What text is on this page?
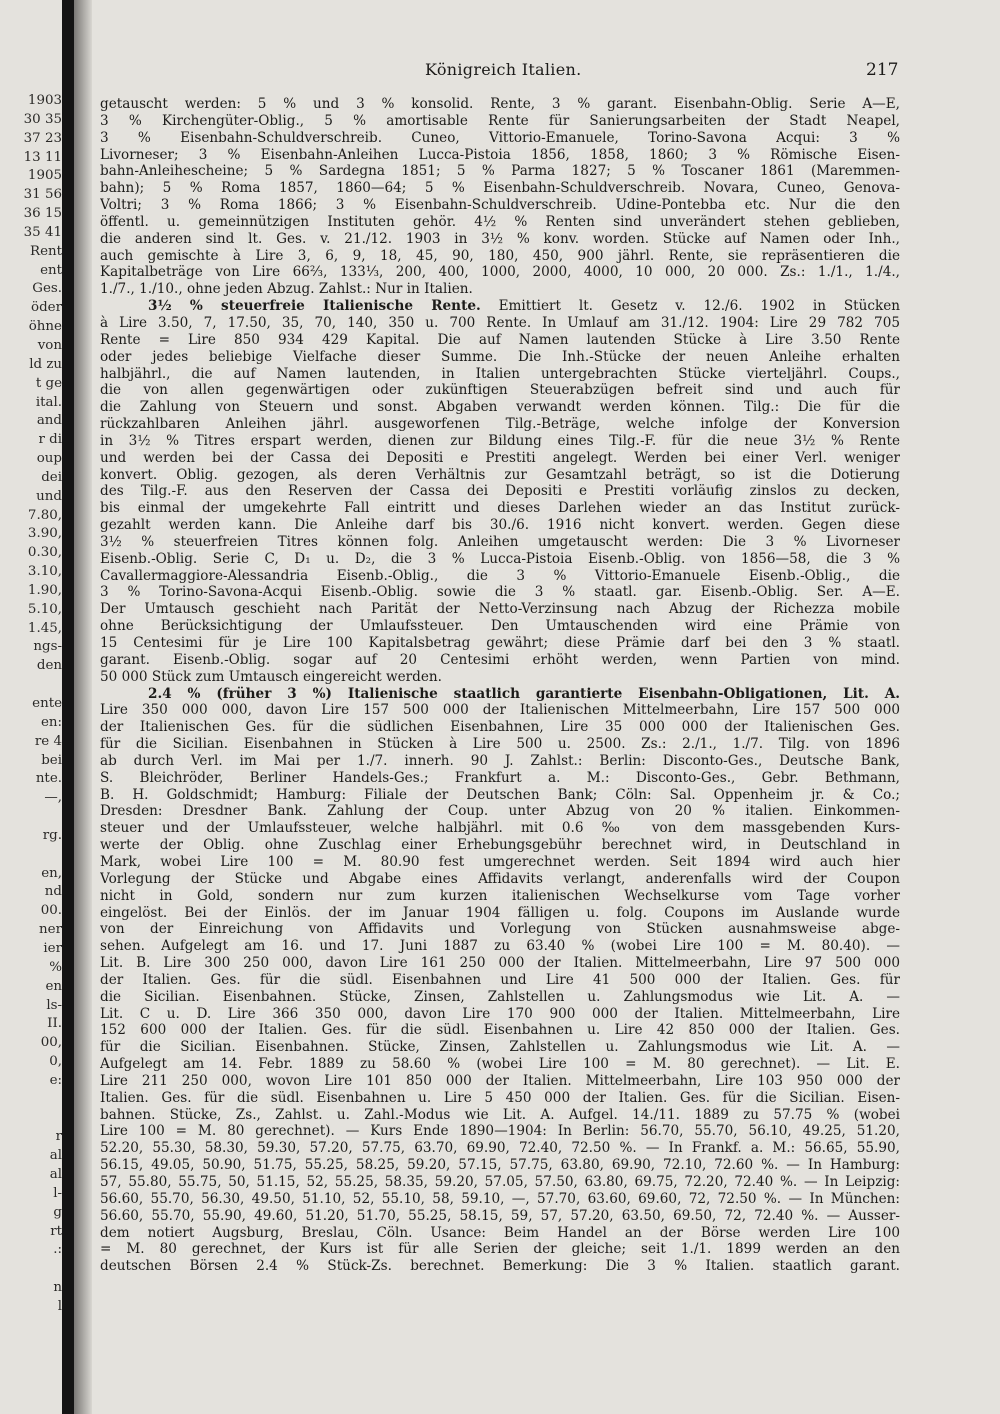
1903
30 35
37 23
13 11
1905
31 56
36 15
35 41
Rent
ent
Ges.
öder
öhne
von
ld zu
t ge
ital.
and
r di
oup
dei
und
7.80,
3.90,
0.30,
3.10,
1.90,
5.10,
1.45,
ngs-
den
ente
en:
re 4
bei
nte.
—,
rg.
en,
nd
00.
ner
ier
%
en
ls-
II.
00,
0,
e:
r
al
al
l-
g
rt
.:
n
l
Königreich Italien.	217
getauscht werden: 5 % und 3 % konsolid. Rente, 3 % garant. Eisenbahn-Oblig. Serie A—E,
3 % Kirchengüter-Oblig., 5 % amortisable Rente für Sanierungsarbeiten der Stadt Neapel,
3 % Eisenbahn-Schuldverschreib. Cuneo, Vittorio-Emanuele, Torino-Savona Acqui: 3 %
Livorneser; 3 % Eisenbahn-Anleihen Lucca-Pistoia 1856, 1858, 1860; 3 % Römische Eisen-
bahn-Anleihescheine; 5 % Sardegna 1851; 5 % Parma 1827; 5 % Toscaner 1861 (Maremmen-
bahn); 5 % Roma 1857, 1860—64; 5 % Eisenbahn-Schuldverschreib. Novara, Cuneo, Genova-
Voltri; 3 % Roma 1866; 3 % Eisenbahn-Schuldverschreib. Udine-Pontebba etc. Nur die den
öffentl. u. gemeinnützigen Instituten gehör. 4½ % Renten sind unverändert stehen geblieben,
die anderen sind lt. Ges. v. 21./12. 1903 in 3½ % konv. worden. Stücke auf Namen oder Inh.,
auch gemischte à Lire 3, 6, 9, 18, 45, 90, 180, 450, 900 jährl. Rente, sie repräsentieren die
Kapitalbeträge von Lire 66⅔, 133⅓, 200, 400, 1000, 2000, 4000, 10 000, 20 000. Zs.: 1./1., 1./4.,
1./7., 1./10., ohne jeden Abzug. Zahlst.: Nur in Italien.
3½ % steuerfreie Italienische Rente. Emittiert lt. Gesetz v. 12./6. 1902 in Stücken
à Lire 3.50, 7, 17.50, 35, 70, 140, 350 u. 700 Rente. In Umlauf am 31./12. 1904: Lire 29 782 705
Rente = Lire 850 934 429 Kapital. Die auf Namen lautenden Stücke à Lire 3.50 Rente
oder jedes beliebige Vielfache dieser Summe. Die Inh.-Stücke der neuen Anleihe erhalten
halbjährl., die auf Namen lautenden, in Italien untergebrachten Stücke vierteljährl. Coups.,
die von allen gegenwärtigen oder zukünftigen Steuerabzügen befreit sind und auch für
die Zahlung von Steuern und sonst. Abgaben verwandt werden können. Tilg.: Die für die
rückzahlbaren Anleihen jährl. ausgeworfenen Tilg.-Beträge, welche infolge der Konversion
in 3½ % Titres erspart werden, dienen zur Bildung eines Tilg.-F. für die neue 3½ % Rente
und werden bei der Cassa dei Depositi e Prestiti angelegt. Werden bei einer Verl. weniger
konvert. Oblig. gezogen, als deren Verhältnis zur Gesamtzahl beträgt, so ist die Dotierung
des Tilg.-F. aus den Reserven der Cassa dei Depositi e Prestiti vorläufig zinslos zu decken,
bis einmal der umgekehrte Fall eintritt und dieses Darlehen wieder an das Institut zurück-
gezahlt werden kann. Die Anleihe darf bis 30./6. 1916 nicht konvert. werden. Gegen diese
3½ % steuerfreien Titres können folg. Anleihen umgetauscht werden: Die 3 % Livorneser
Eisenb.-Oblig. Serie C, D₁ u. D₂, die 3 % Lucca-Pistoia Eisenb.-Oblig. von 1856—58, die 3 %
Cavallermaggiore-Alessandria Eisenb.-Oblig., die 3 % Vittorio-Emanuele Eisenb.-Oblig., die
3 % Torino-Savona-Acqui Eisenb.-Oblig. sowie die 3 % staatl. gar. Eisenb.-Oblig. Ser. A—E.
Der Umtausch geschieht nach Parität der Netto-Verzinsung nach Abzug der Richezza mobile
ohne Berücksichtigung der Umlaufssteuer. Den Umtauschenden wird eine Prämie von
15 Centesimi für je Lire 100 Kapitalsbetrag gewährt; diese Prämie darf bei den 3 % staatl.
garant. Eisenb.-Oblig. sogar auf 20 Centesimi erhöht werden, wenn Partien von mind.
50 000 Stück zum Umtausch eingereicht werden.
2.4 % (früher 3 %) Italienische staatlich garantierte Eisenbahn-Obligationen, Lit. A.
Lire 350 000 000, davon Lire 157 500 000 der Italienischen Mittelmeerbahn, Lire 157 500 000
der Italienischen Ges. für die südlichen Eisenbahnen, Lire 35 000 000 der Italienischen Ges.
für die Sicilian. Eisenbahnen in Stücken à Lire 500 u. 2500. Zs.: 2./1., 1./7. Tilg. von 1896
ab durch Verl. im Mai per 1./7. innerh. 90 J. Zahlst.: Berlin: Disconto-Ges., Deutsche Bank,
S. Bleichröder, Berliner Handels-Ges.; Frankfurt a. M.: Disconto-Ges., Gebr. Bethmann,
B. H. Goldschmidt; Hamburg: Filiale der Deutschen Bank; Cöln: Sal. Oppenheim jr. & Co.;
Dresden: Dresdner Bank. Zahlung der Coup. unter Abzug von 20 % italien. Einkommen-
steuer und der Umlaufssteuer, welche halbjährl. mit 0.6 ‰ von dem massgebenden Kurs-
werte der Oblig. ohne Zuschlag einer Erhebungsgebühr berechnet wird, in Deutschland in
Mark, wobei Lire 100 = M. 80.90 fest umgerechnet werden. Seit 1894 wird auch hier
Vorlegung der Stücke und Abgabe eines Affidavits verlangt, anderenfalls wird der Coupon
nicht in Gold, sondern nur zum kurzen italienischen Wechselkurse vom Tage vorher
eingelöst. Bei der Einlös. der im Januar 1904 fälligen u. folg. Coupons im Auslande wurde
von der Einreichung von Affidavits und Vorlegung von Stücken ausnahmsweise abge-
sehen. Aufgelegt am 16. und 17. Juni 1887 zu 63.40 % (wobei Lire 100 = M. 80.40). —
Lit. B. Lire 300 250 000, davon Lire 161 250 000 der Italien. Mittelmeerbahn, Lire 97 500 000
der Italien. Ges. für die südl. Eisenbahnen und Lire 41 500 000 der Italien. Ges. für
die Sicilian. Eisenbahnen. Stücke, Zinsen, Zahlstellen u. Zahlungsmodus wie Lit. A. —
Lit. C u. D. Lire 366 350 000, davon Lire 170 900 000 der Italien. Mittelmeerbahn, Lire
152 600 000 der Italien. Ges. für die südl. Eisenbahnen u. Lire 42 850 000 der Italien. Ges.
für die Sicilian. Eisenbahnen. Stücke, Zinsen, Zahlstellen u. Zahlungsmodus wie Lit. A. —
Aufgelegt am 14. Febr. 1889 zu 58.60 % (wobei Lire 100 = M. 80 gerechnet). — Lit. E.
Lire 211 250 000, wovon Lire 101 850 000 der Italien. Mittelmeerbahn, Lire 103 950 000 der
Italien. Ges. für die südl. Eisenbahnen u. Lire 5 450 000 der Italien. Ges. für die Sicilian. Eisen-
bahnen. Stücke, Zs., Zahlst. u. Zahl.-Modus wie Lit. A. Aufgel. 14./11. 1889 zu 57.75 % (wobei
Lire 100 = M. 80 gerechnet). — Kurs Ende 1890—1904: In Berlin: 56.70, 55.70, 56.10, 49.25, 51.20,
52.20, 55.30, 58.30, 59.30, 57.20, 57.75, 63.70, 69.90, 72.40, 72.50 %. — In Frankf. a. M.: 56.65, 55.90,
56.15, 49.05, 50.90, 51.75, 55.25, 58.25, 59.20, 57.15, 57.75, 63.80, 69.90, 72.10, 72.60 %. — In Hamburg:
57, 55.80, 55.75, 50, 51.15, 52, 55.25, 58.35, 59.20, 57.05, 57.50, 63.80, 69.75, 72.20, 72.40 %. — In Leipzig:
56.60, 55.70, 56.30, 49.50, 51.10, 52, 55.10, 58, 59.10, —, 57.70, 63.60, 69.60, 72, 72.50 %. — In München:
56.60, 55.70, 55.90, 49.60, 51.20, 51.70, 55.25, 58.15, 59, 57, 57.20, 63.50, 69.50, 72, 72.40 %. — Ausser-
dem notiert Augsburg, Breslau, Cöln. Usance: Beim Handel an der Börse werden Lire 100
= M. 80 gerechnet, der Kurs ist für alle Serien der gleiche; seit 1./1. 1899 werden an den
deutschen Börsen 2.4 % Stück-Zs. berechnet. Bemerkung: Die 3 % Italien. staatlich garant.
